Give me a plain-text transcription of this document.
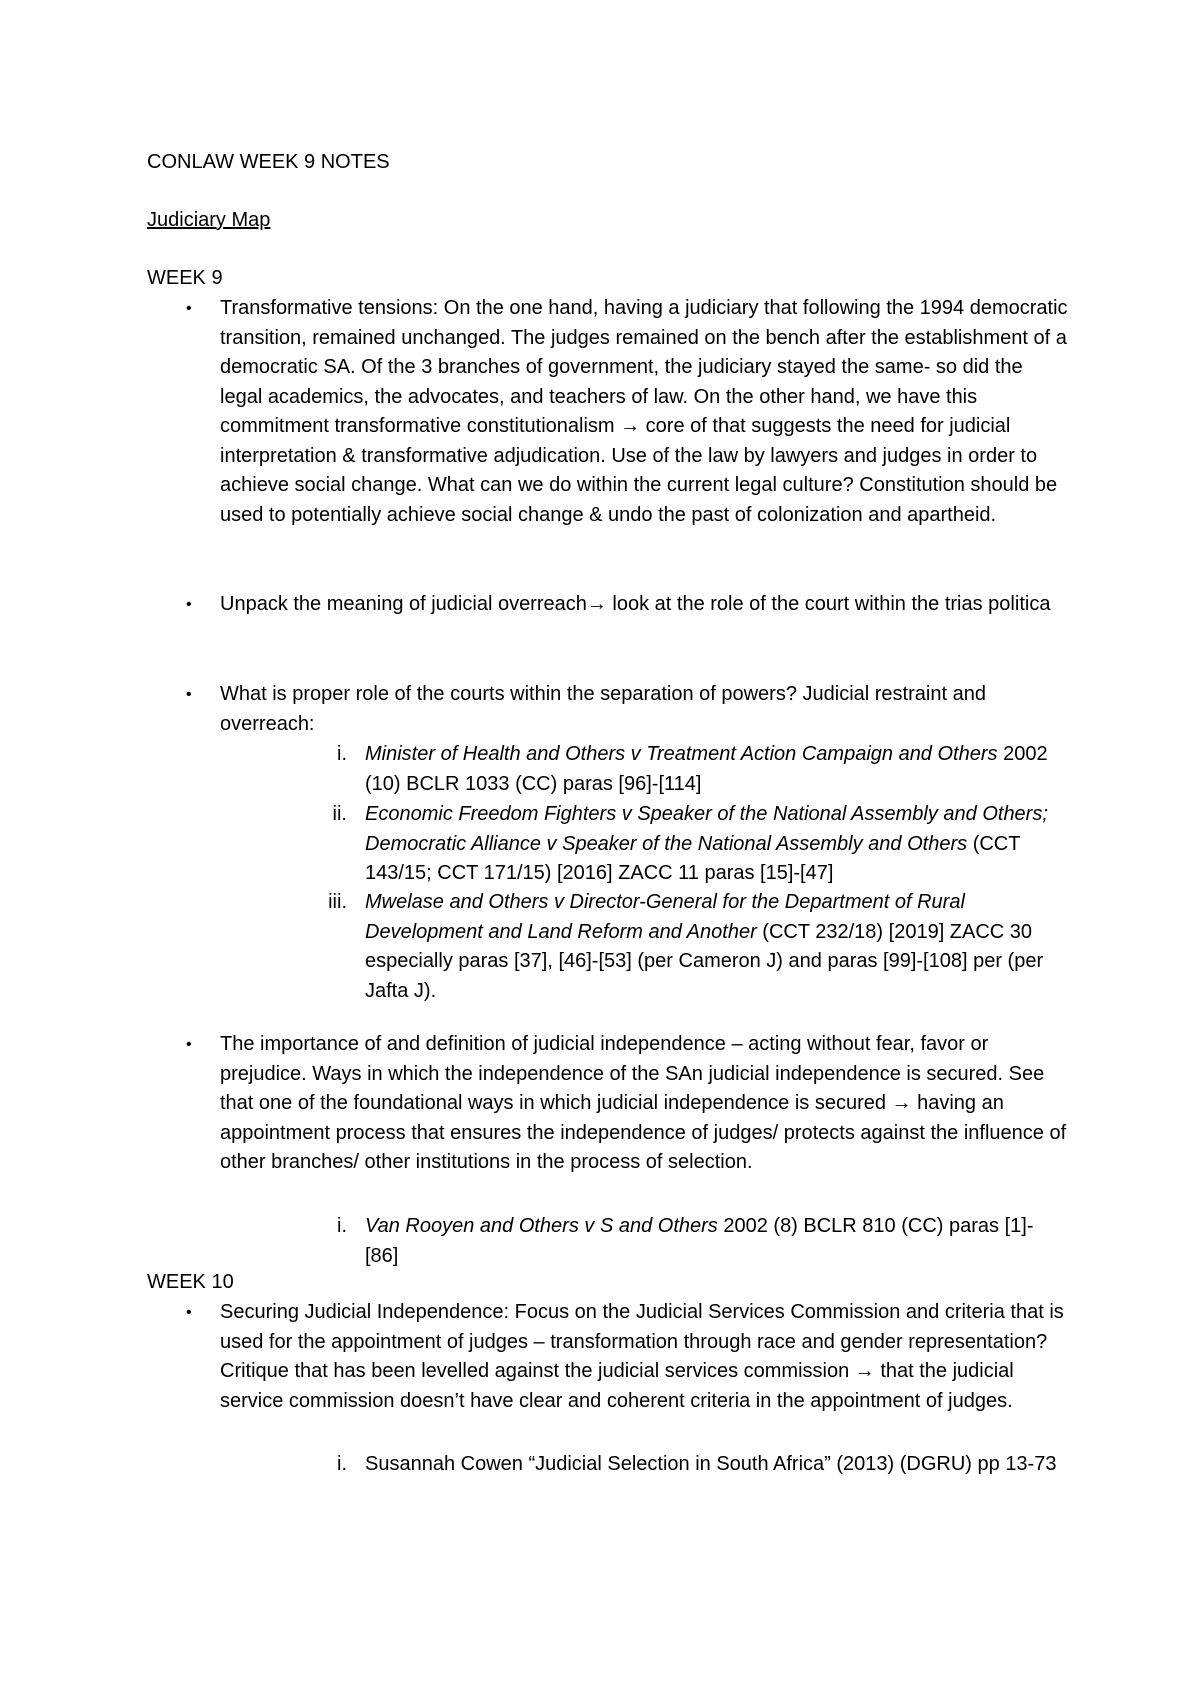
CONLAW WEEK 9 NOTES
Judiciary Map
WEEK 9
• Transformative tensions: On the one hand, having a judiciary that following the 1994 democratic transition, remained unchanged. The judges remained on the bench after the establishment of a democratic SA. Of the 3 branches of government, the judiciary stayed the same- so did the legal academics, the advocates, and teachers of law. On the other hand, we have this commitment transformative constitutionalism → core of that suggests the need for judicial interpretation & transformative adjudication. Use of the law by lawyers and judges in order to achieve social change. What can we do within the current legal culture? Constitution should be used to potentially achieve social change & undo the past of colonization and apartheid.
• Unpack the meaning of judicial overreach→ look at the role of the court within the trias politica
• What is proper role of the courts within the separation of powers? Judicial restraint and overreach:
i. Minister of Health and Others v Treatment Action Campaign and Others 2002 (10) BCLR 1033 (CC) paras [96]-[114]
ii. Economic Freedom Fighters v Speaker of the National Assembly and Others; Democratic Alliance v Speaker of the National Assembly and Others (CCT 143/15; CCT 171/15) [2016] ZACC 11 paras [15]-[47]
iii. Mwelase and Others v Director-General for the Department of Rural Development and Land Reform and Another (CCT 232/18) [2019] ZACC 30 especially paras [37], [46]-[53] (per Cameron J) and paras [99]-[108] per (per Jafta J).
• The importance of and definition of judicial independence – acting without fear, favor or prejudice. Ways in which the independence of the SAn judicial independence is secured. See that one of the foundational ways in which judicial independence is secured → having an appointment process that ensures the independence of judges/ protects against the influence of other branches/ other institutions in the process of selection.
i. Van Rooyen and Others v S and Others 2002 (8) BCLR 810 (CC) paras [1]-[86]
WEEK 10
• Securing Judicial Independence: Focus on the Judicial Services Commission and criteria that is used for the appointment of judges – transformation through race and gender representation? Critique that has been levelled against the judicial services commission → that the judicial service commission doesn’t have clear and coherent criteria in the appointment of judges.
i. Susannah Cowen “Judicial Selection in South Africa” (2013) (DGRU) pp 13-73
